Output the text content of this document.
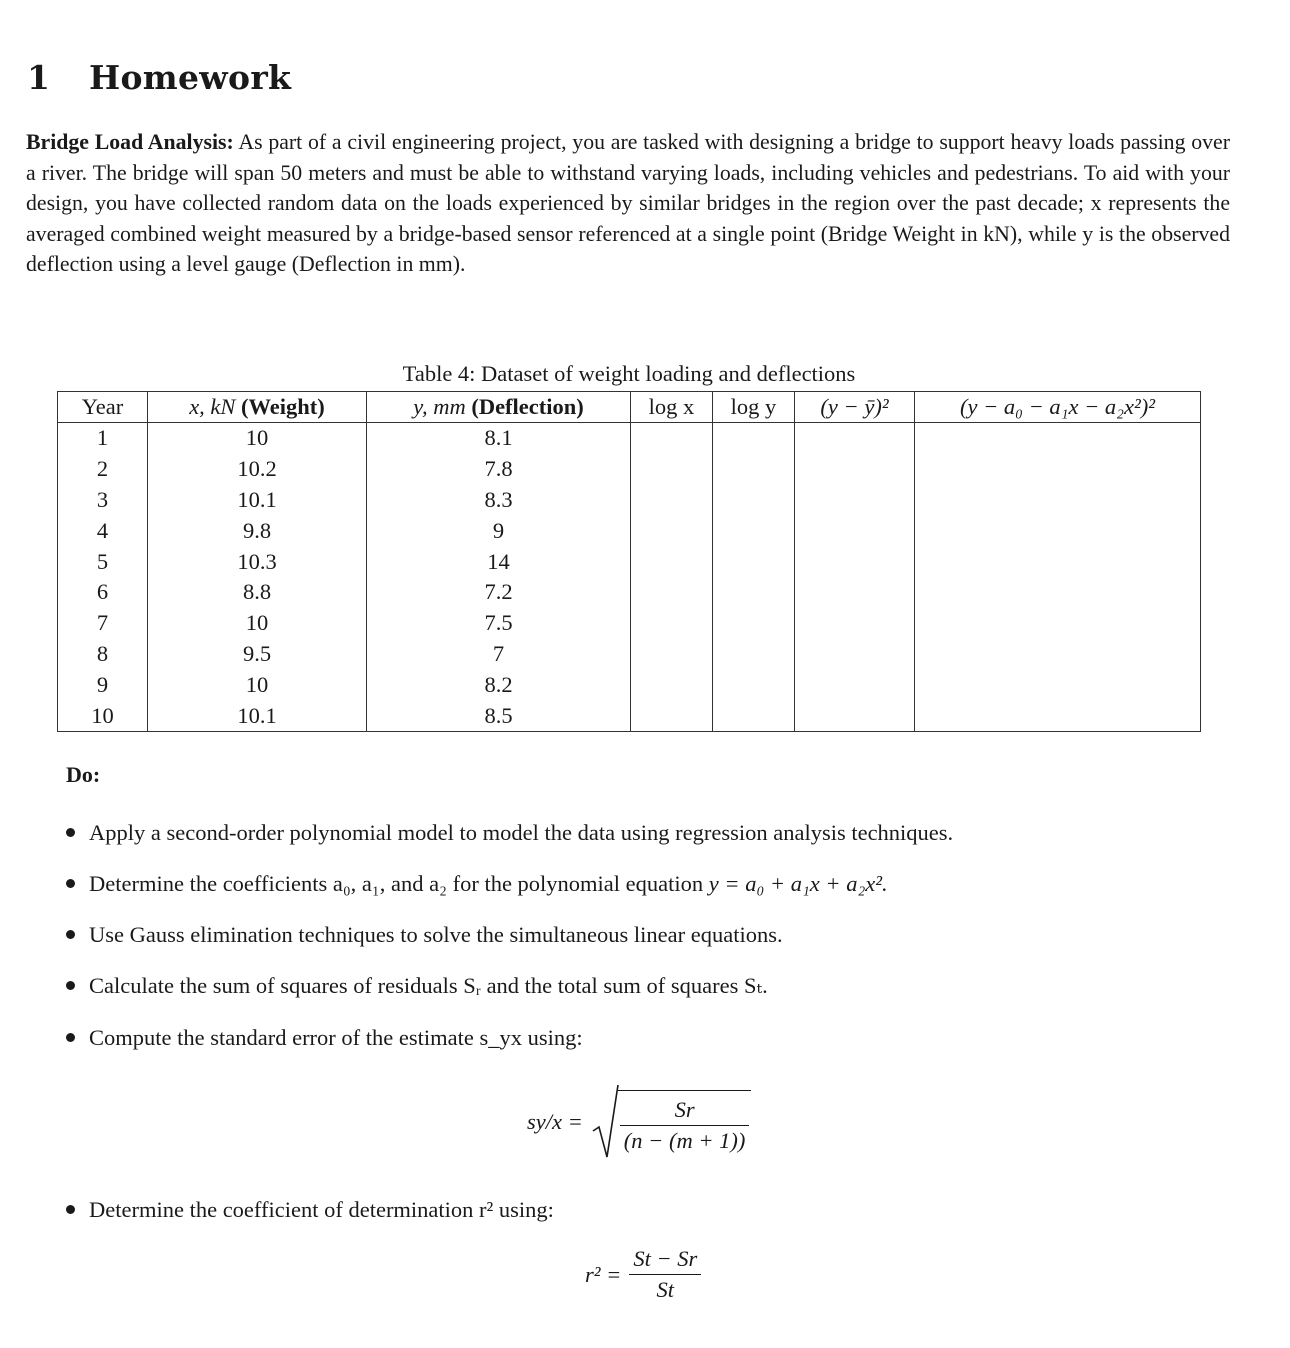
1 Homework
Bridge Load Analysis: As part of a civil engineering project, you are tasked with designing a bridge to support heavy loads passing over a river. The bridge will span 50 meters and must be able to withstand varying loads, including vehicles and pedestrians. To aid with your design, you have collected random data on the loads experienced by similar bridges in the region over the past decade; x represents the averaged combined weight measured by a bridge-based sensor referenced at a single point (Bridge Weight in kN), while y is the observed deflection using a level gauge (Deflection in mm).
Table 4: Dataset of weight loading and deflections
Year	x, kN (Weight)	y, mm (Deflection)	log x	log y	(y − ȳ)²	(y − a₀ − a₁x − a₂x²)²
1	10	8.1				
2	10.2	7.8				
3	10.1	8.3				
4	9.8	9				
5	10.3	14				
6	8.8	7.2				
7	10	7.5				
8	9.5	7				
9	10	8.2				
10	10.1	8.5				
Do:
Apply a second-order polynomial model to model the data using regression analysis techniques.
Determine the coefficients a₀, a₁, and a₂ for the polynomial equation y = a₀ + a₁x + a₂x².
Use Gauss elimination techniques to solve the simultaneous linear equations.
Calculate the sum of squares of residuals Sᵣ and the total sum of squares Sₜ.
Compute the standard error of the estimate s_yx using:
$sy/x = \frac{Sr}{(n - (m + 1))}$
Determine the coefficient of determination r² using:
$r^2 = \frac{St - Sr}{St}$
